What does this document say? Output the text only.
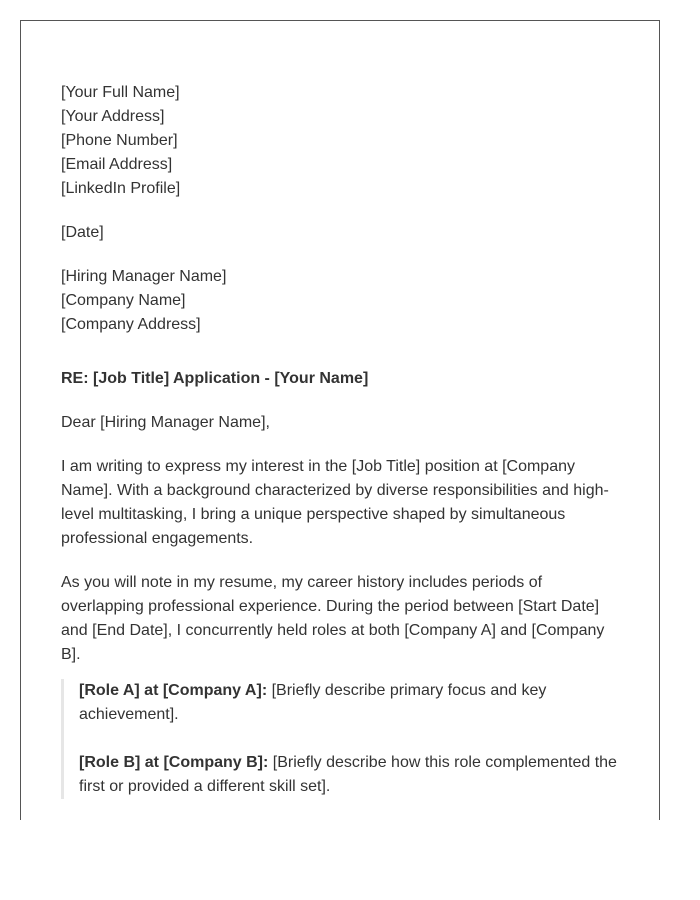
[Your Full Name]
[Your Address]
[Phone Number]
[Email Address]
[LinkedIn Profile]
[Date]
[Hiring Manager Name]
[Company Name]
[Company Address]
RE: [Job Title] Application - [Your Name]
Dear [Hiring Manager Name],

I am writing to express my interest in the [Job Title] position at [Company Name]. With a background characterized by diverse responsibilities and high-level multitasking, I bring a unique perspective shaped by simultaneous professional engagements.

As you will note in my resume, my career history includes periods of overlapping professional experience. During the period between [Start Date] and [End Date], I concurrently held roles at both [Company A] and [Company B].

[Role A] at [Company A]: [Briefly describe primary focus and key achievement].

[Role B] at [Company B]: [Briefly describe how this role complemented the first or provided a different skill set].
